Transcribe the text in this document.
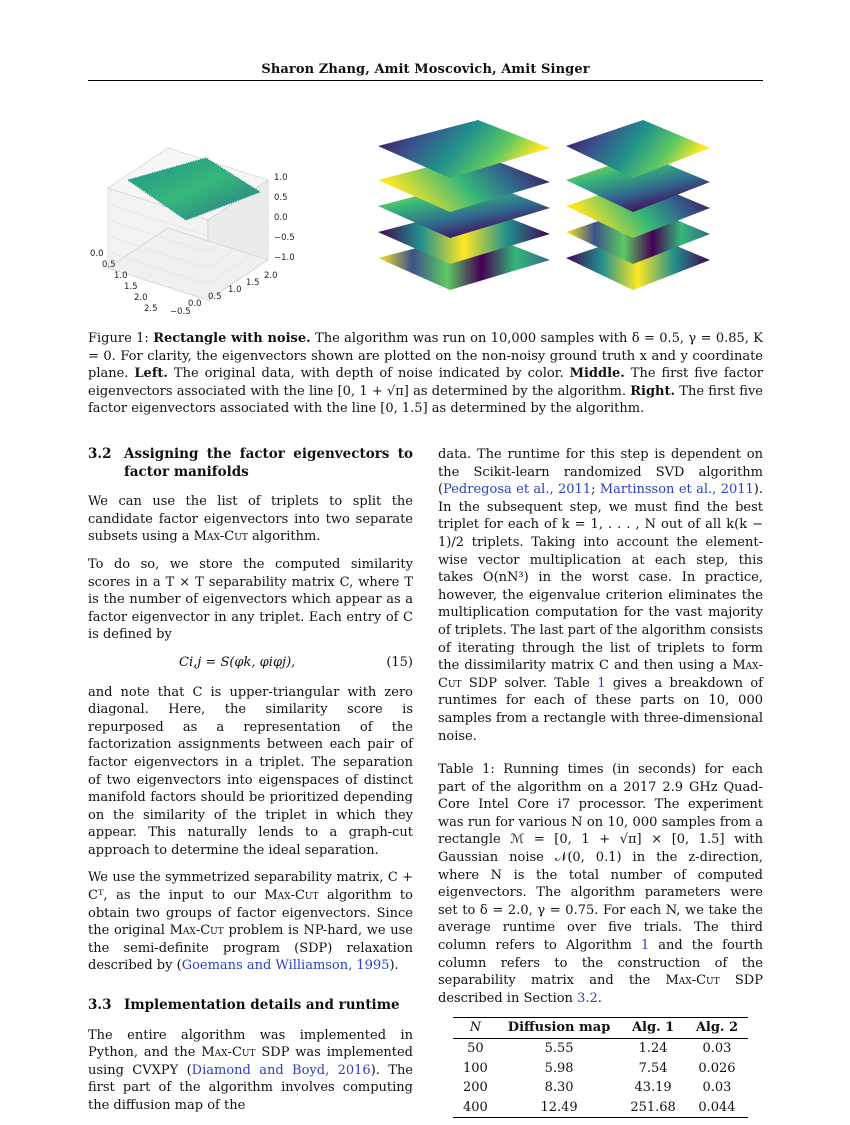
Sharon Zhang, Amit Moscovich, Amit Singer
1.0
0.5
0.0
−0.5
−1.0
0.0
0.5
1.0
1.5
2.0
2.5 −0.5
0.0
0.5
1.0
1.5
2.0
Figure 1: Rectangle with noise. The algorithm was run on 10,000 samples with δ = 0.5, γ = 0.85, K = 0. For clarity, the eigenvectors shown are plotted on the non-noisy ground truth x and y coordinate plane. Left. The original data, with depth of noise indicated by color. Middle. The first five factor eigenvectors associated with the line [0, 1 + √π] as determined by the algorithm. Right. The first five factor eigenvectors associated with the line [0, 1.5] as determined by the algorithm.
3.2 Assigning the factor eigenvectors to factor manifolds

We can use the list of triplets to split the candidate factor eigenvectors into two separate subsets using a Max-Cut algorithm.

To do so, we store the computed similarity scores in a T × T separability matrix C, where T is the number of eigenvectors which appear as a factor eigenvector in any triplet. Each entry of C is defined by

Ci,j = S(φk, φiφj),	(15)

and note that C is upper-triangular with zero diagonal. Here, the similarity score is repurposed as a representation of the factorization assignments between each pair of factor eigenvectors in a triplet. The separation of two eigenvectors into eigenspaces of distinct manifold factors should be prioritized depending on the similarity of the triplet in which they appear. This naturally lends to a graph-cut approach to determine the ideal separation.

We use the symmetrized separability matrix, C + Cᵀ, as the input to our Max-Cut algorithm to obtain two groups of factor eigenvectors. Since the original Max-Cut problem is NP-hard, we use the semi-definite program (SDP) relaxation described by (Goemans and Williamson, 1995).

3.3 Implementation details and runtime

The entire algorithm was implemented in Python, and the Max-Cut SDP was implemented using CVXPY (Diamond and Boyd, 2016). The first part of the algorithm involves computing the diffusion map of the

data. The runtime for this step is dependent on the Scikit-learn randomized SVD algorithm (Pedregosa et al., 2011; Martinsson et al., 2011). In the subsequent step, we must find the best triplet for each of k = 1, . . . , N out of all k(k − 1)/2 triplets. Taking into account the element-wise vector multiplication at each step, this takes O(nN³) in the worst case. In practice, however, the eigenvalue criterion eliminates the multiplication computation for the vast majority of triplets. The last part of the algorithm consists of iterating through the list of triplets to form the dissimilarity matrix C and then using a Max-Cut SDP solver. Table 1 gives a breakdown of runtimes for each of these parts on 10, 000 samples from a rectangle with three-dimensional noise.

Table 1: Running times (in seconds) for each part of the algorithm on a 2017 2.9 GHz Quad-Core Intel Core i7 processor. The experiment was run for various N on 10, 000 samples from a rectangle ℳ = [0, 1 + √π] × [0, 1.5] with Gaussian noise 𝒩(0, 0.1) in the z-direction, where N is the total number of computed eigenvectors. The algorithm parameters were set to δ = 2.0, γ = 0.75. For each N, we take the average runtime over five trials. The third column refers to Algorithm 1 and the fourth column refers to the construction of the separability matrix and the Max-Cut SDP described in Section 3.2.

N	Diffusion map	Alg. 1	Alg. 2
50	5.55	1.24	0.03
100	5.98	7.54	0.026
200	8.30	43.19	0.03
400	12.49	251.68	0.044
